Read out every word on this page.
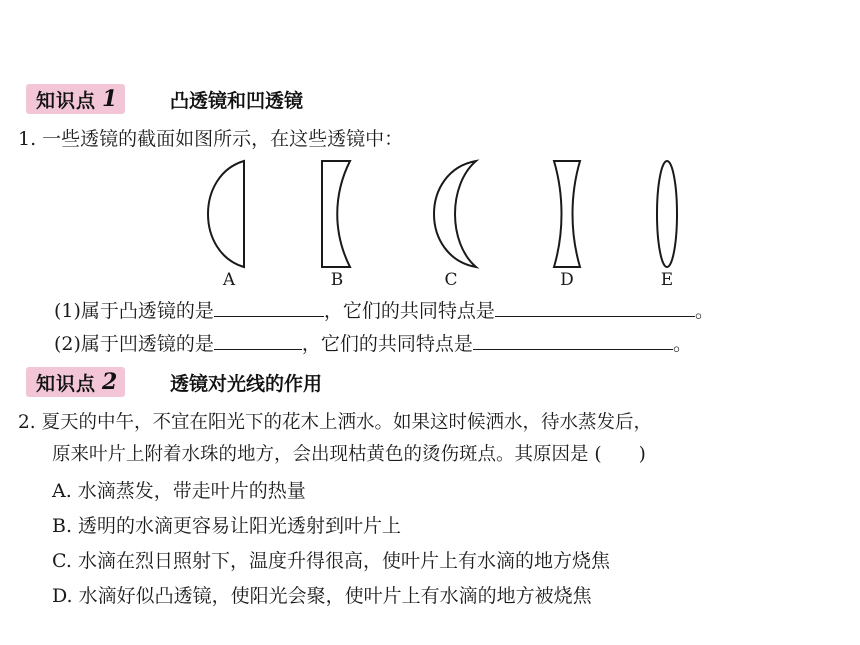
知识点 1	凸透镜和凹透镜
1. 一些透镜的截面如图所示，在这些透镜中：
A	B	C	D	E
(1)属于凸透镜的是	，它们的共同特点是	。
(2)属于凹透镜的是	，它们的共同特点是	。
知识点 2	透镜对光线的作用
2. 夏天的中午，不宜在阳光下的花木上洒水。如果这时候洒水，待水蒸发后，
原来叶片上附着水珠的地方，会出现枯黄色的烫伤斑点。其原因是 (　　)
A. 水滴蒸发，带走叶片的热量
B. 透明的水滴更容易让阳光透射到叶片上
C. 水滴在烈日照射下，温度升得很高，使叶片上有水滴的地方烧焦
D. 水滴好似凸透镜，使阳光会聚，使叶片上有水滴的地方被烧焦
